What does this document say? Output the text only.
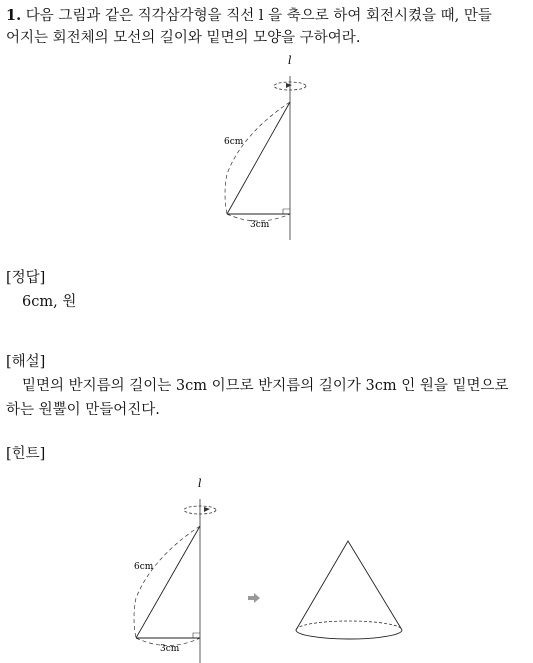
1. 다음 그림과 같은 직각삼각형을 직선 l 을 축으로 하여 회전시켰을 때, 만들
어지는 회전체의 모선의 길이와 밑면의 모양을 구하여라.
l
6cm
3cm
[정답]
6cm, 원
[해설]
밑면의 반지름의 길이는 3cm 이므로 반지름의 길이가 3cm 인 원을 밑면으로
하는 원뿔이 만들어진다.
[힌트]
l
6cm
3cm
